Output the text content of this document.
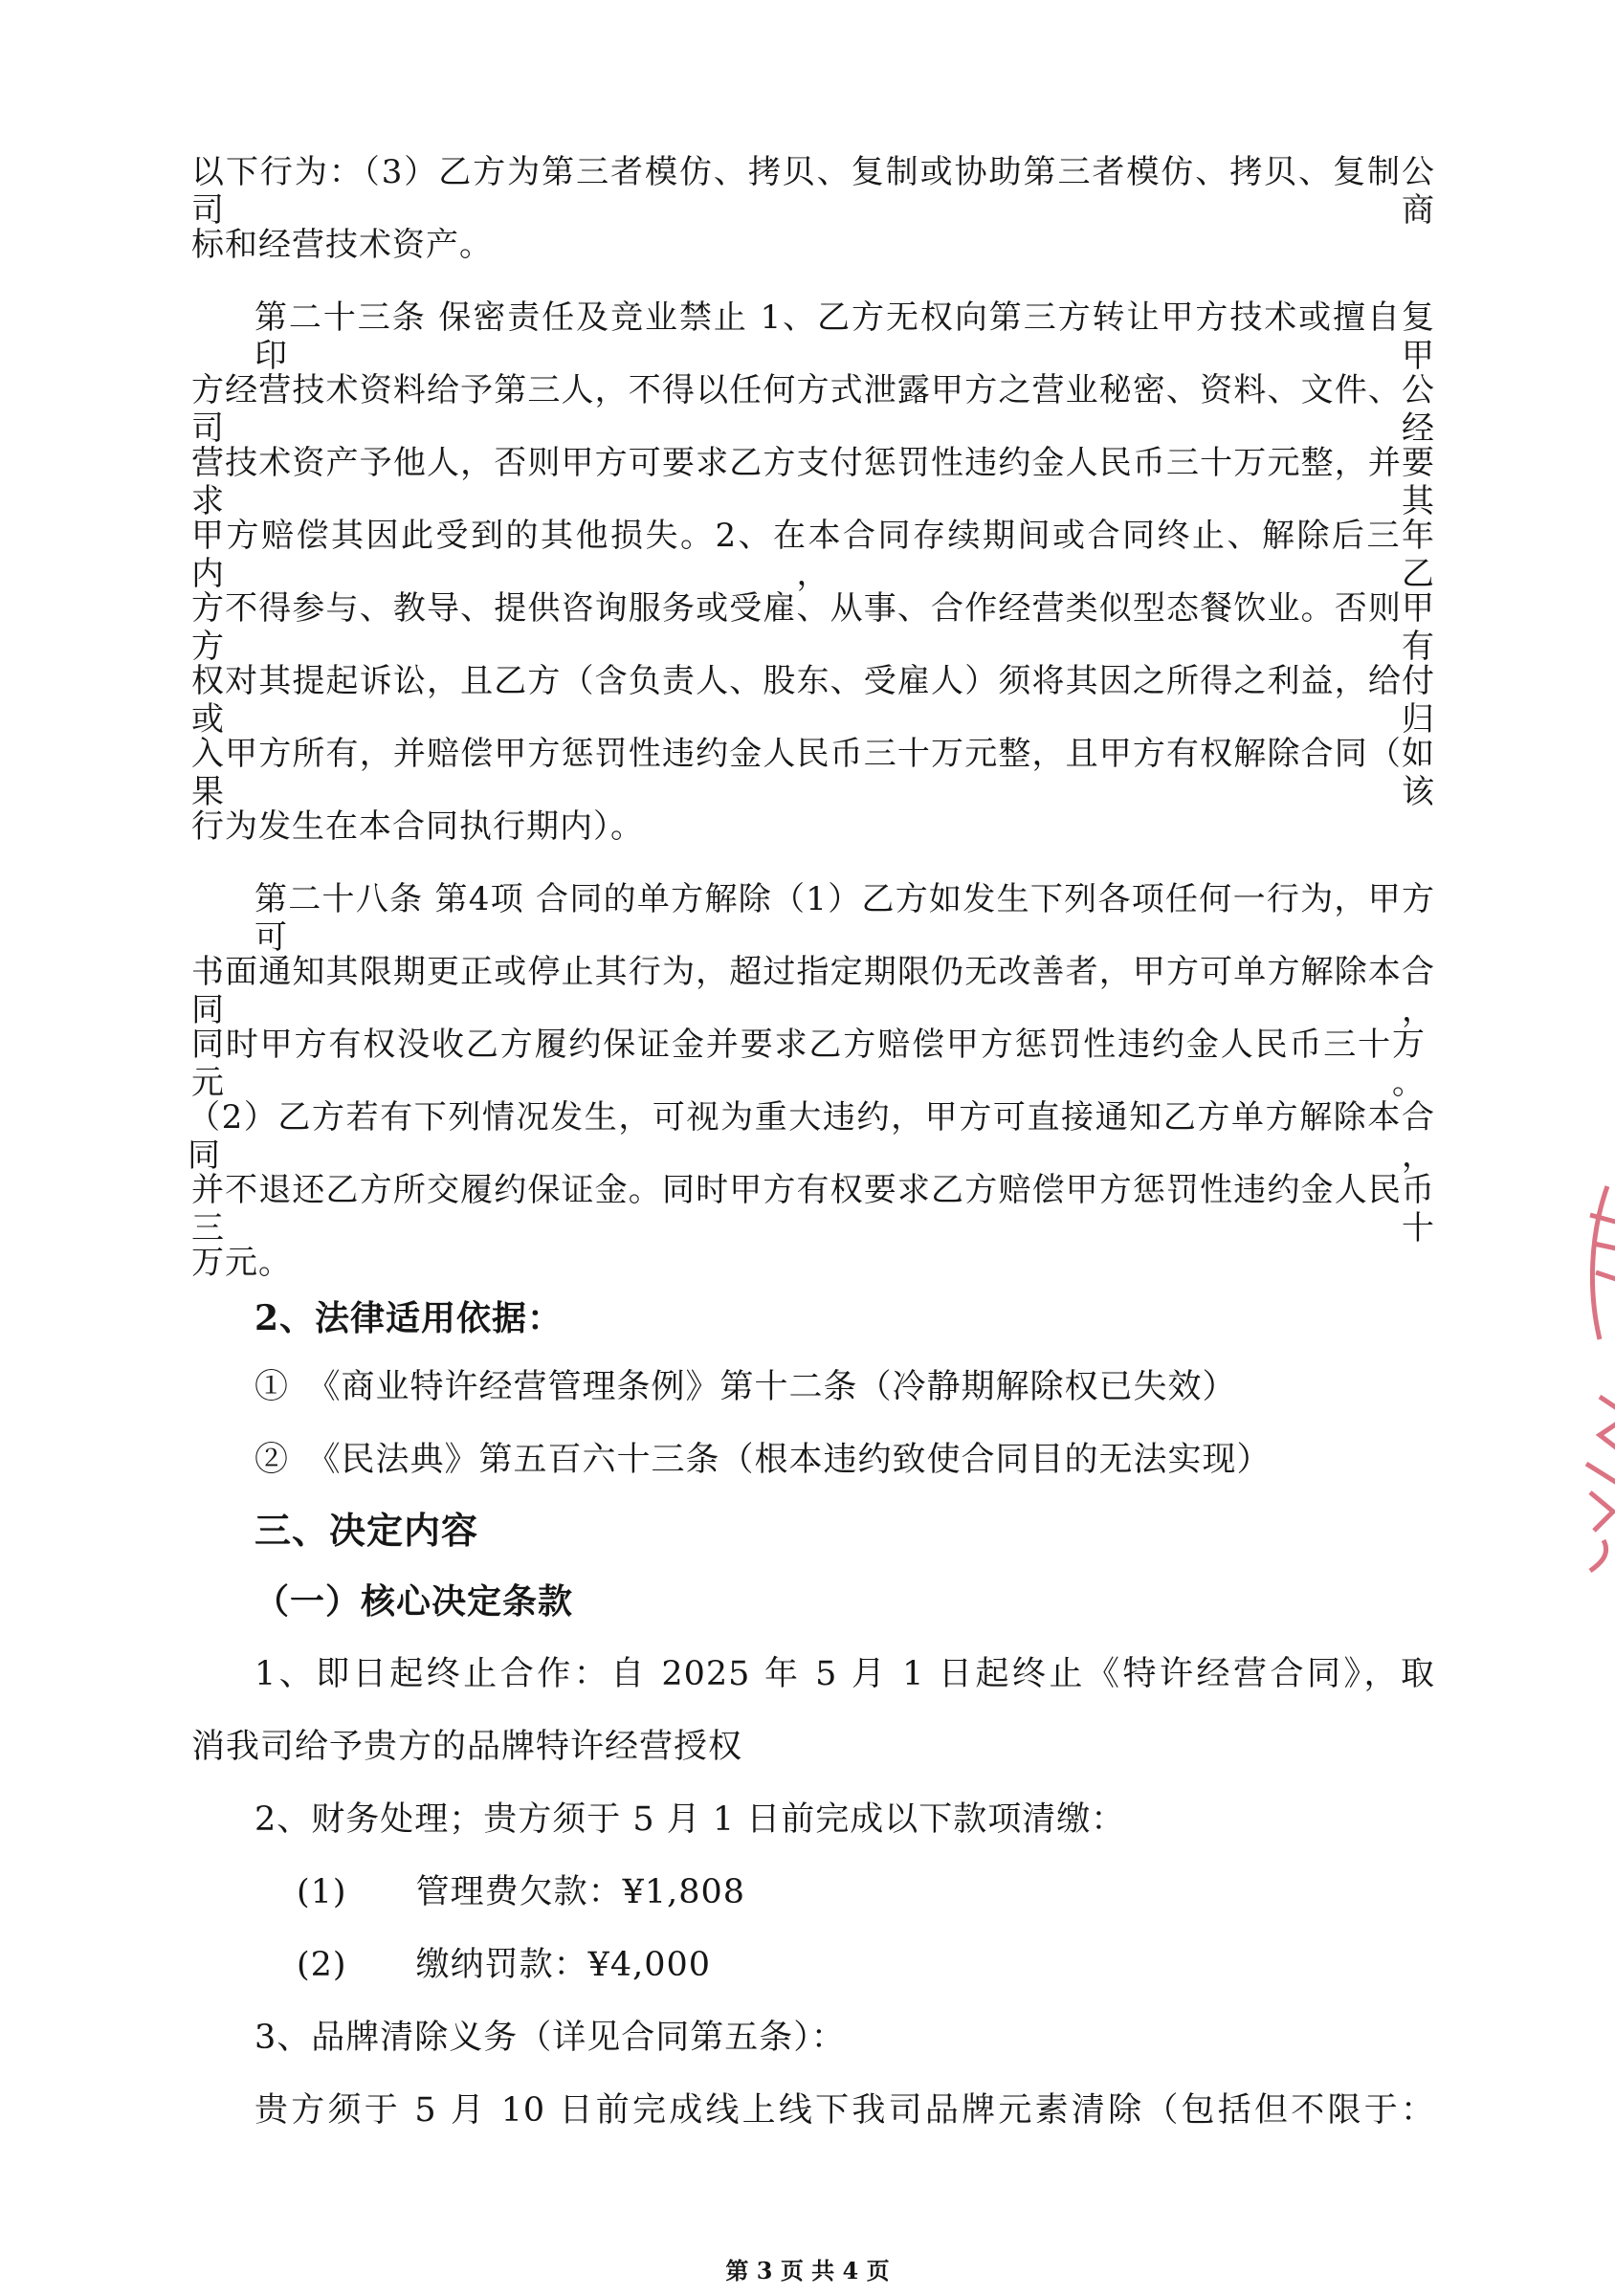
以下行为：（3）乙方为第三者模仿、拷贝、复制或协助第三者模仿、拷贝、复制公司商
标和经营技术资产。
第二十三条 保密责任及竞业禁止 1、乙方无权向第三方转让甲方技术或擅自复印甲
方经营技术资料给予第三人，不得以任何方式泄露甲方之营业秘密、资料、文件、公司经
营技术资产予他人，否则甲方可要求乙方支付惩罚性违约金人民币三十万元整，并要求其
甲方赔偿其因此受到的其他损失。2、在本合同存续期间或合同终止、解除后三年内，乙
方不得参与、教导、提供咨询服务或受雇、从事、合作经营类似型态餐饮业。否则甲方有
权对其提起诉讼，且乙方（含负责人、股东、受雇人）须将其因之所得之利益，给付或归
入甲方所有，并赔偿甲方惩罚性违约金人民币三十万元整，且甲方有权解除合同（如果该
行为发生在本合同执行期内）。
第二十八条 第4项 合同的单方解除（1）乙方如发生下列各项任何一行为，甲方可
书面通知其限期更正或停止其行为，超过指定期限仍无改善者，甲方可单方解除本合同，
同时甲方有权没收乙方履约保证金并要求乙方赔偿甲方惩罚性违约金人民币三十万元。
（2）乙方若有下列情况发生，可视为重大违约，甲方可直接通知乙方单方解除本合同，
并不退还乙方所交履约保证金。同时甲方有权要求乙方赔偿甲方惩罚性违约金人民币三十
万元。
2、法律适用依据：
①　《商业特许经营管理条例》第十二条（冷静期解除权已失效）
②　《民法典》第五百六十三条（根本违约致使合同目的无法实现）
三、决定内容
（一）核心决定条款
1、即日起终止合作：自 2025 年 5 月 1 日起终止《特许经营合同》，取
消我司给予贵方的品牌特许经营授权
2、财务处理；贵方须于 5 月 1 日前完成以下款项清缴：
(1)　　管理费欠款：¥1,808
(2)　　缴纳罚款：¥4,000
3、品牌清除义务（详见合同第五条）：
贵方须于 5 月 10 日前完成线上线下我司品牌元素清除（包括但不限于：
第 3 页 共 4 页
